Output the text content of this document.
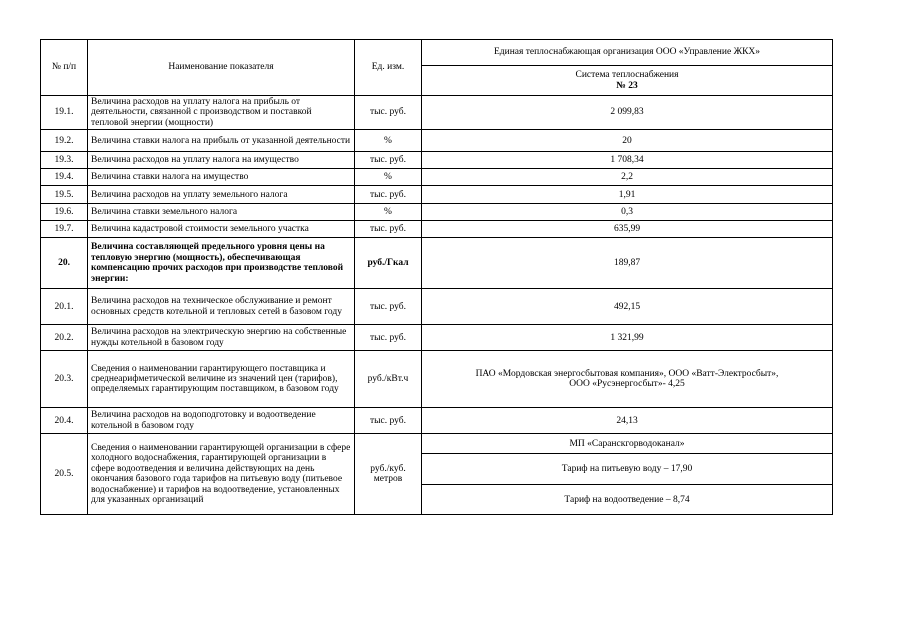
№ п/п	Наименование показателя	Ед. изм.	Единая теплоснабжающая организация ООО «Управление ЖКХ»

			Система теплоснабжения
№ 23

19.1.	Величина расходов на уплату налога на прибыль от деятельности, связанной с производством и поставкой тепловой энергии (мощности)	тыс. руб.	2 099,83
19.2.	Величина ставки налога на прибыль от указанной деятельности	%	20
19.3.	Величина расходов на уплату налога на имущество	тыс. руб.	1 708,34
19.4.	Величина ставки налога на имущество	%	2,2
19.5.	Величина расходов на уплату земельного налога	тыс. руб.	1,91
19.6.	Величина ставки земельного налога	%	0,3
19.7.	Величина кадастровой стоимости земельного участка	тыс. руб.	635,99
20.	Величина составляющей предельного уровня цены на тепловую энергию (мощность), обеспечивающая компенсацию прочих расходов при производстве тепловой энергии:	руб./Гкал	189,87
20.1.	Величина расходов на техническое обслуживание и ремонт основных средств котельной и тепловых сетей в базовом году	тыс. руб.	492,15
20.2.	Величина расходов на электрическую энергию на собственные нужды котельной в базовом году	тыс. руб.	1 321,99
20.3.	Сведения о наименовании гарантирующего поставщика и среднеарифметической величине из значений цен (тарифов), определяемых гарантирующим поставщиком, в базовом году	руб./кВт.ч	ПАО «Мордовская энергосбытовая компания», ООО «Ватт-Электросбыт»,
ООО «Русэнергосбыт»- 4,25

20.4.	Величина расходов на водоподготовку и водоотведение котельной в базовом году	тыс. руб.	24,13
20.5.	Сведения о наименовании гарантирующей организации в сфере холодного водоснабжения, гарантирующей организации в сфере водоотведения и величина действующих на день окончания базового года тарифов на питьевую воду (питьевое водоснабжение) и тарифов на водоотведение, установленных для указанных организаций	руб./куб.
метров	МП «Саранскгорводоканал»
			Тариф на питьевую воду – 17,90
			Тариф на водоотведение – 8,74
